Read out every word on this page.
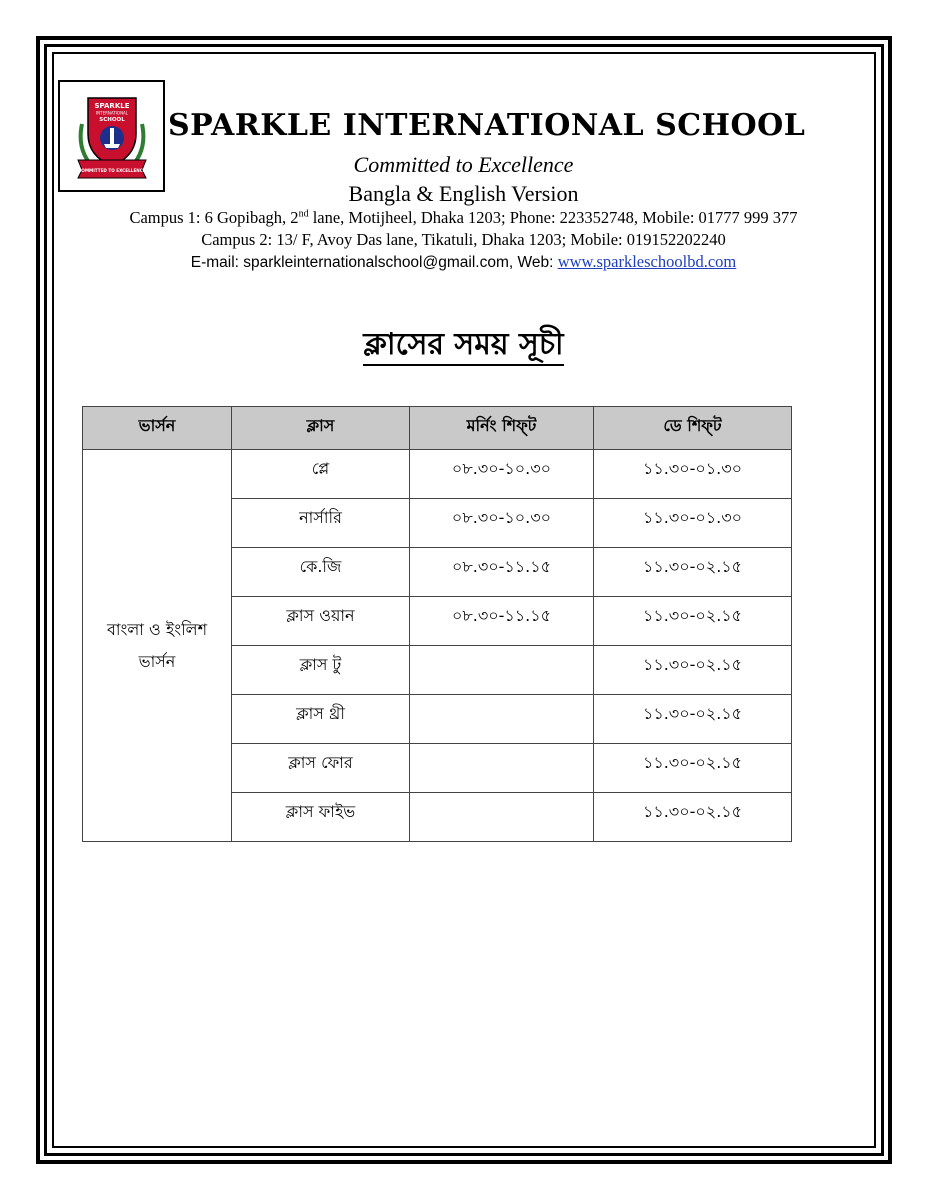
SPARKLE
INTERNATIONAL
SCHOOL
COMMITTED TO EXCELLENCE
SPARKLE INTERNATIONAL SCHOOL
Committed to Excellence
Bangla & English Version
Campus 1: 6 Gopibagh, 2nd lane, Motijheel, Dhaka 1203; Phone: 223352748, Mobile: 01777 999 377
Campus 2: 13/ F, Avoy Das lane, Tikatuli, Dhaka 1203; Mobile: 019152202240
E-mail: sparkleinternationalschool@gmail.com, Web: www.sparkleschoolbd.com
ক্লাসের সময় সূচী
ভার্সন	ক্লাস	মর্নিং শিফ্‌ট	ডে শিফ্‌ট
বাংলা ও ইংলিশ
ভার্সন	প্লে	০৮.৩০-১০.৩০	১১.৩০-০১.৩০
	নার্সারি	০৮.৩০-১০.৩০	১১.৩০-০১.৩০
	কে.জি	০৮.৩০-১১.১৫	১১.৩০-০২.১৫
	ক্লাস ওয়ান	০৮.৩০-১১.১৫	১১.৩০-০২.১৫
	ক্লাস টু		১১.৩০-০২.১৫
	ক্লাস থ্রী		১১.৩০-০২.১৫
	ক্লাস ফোর		১১.৩০-০২.১৫
	ক্লাস ফাইভ		১১.৩০-০২.১৫
